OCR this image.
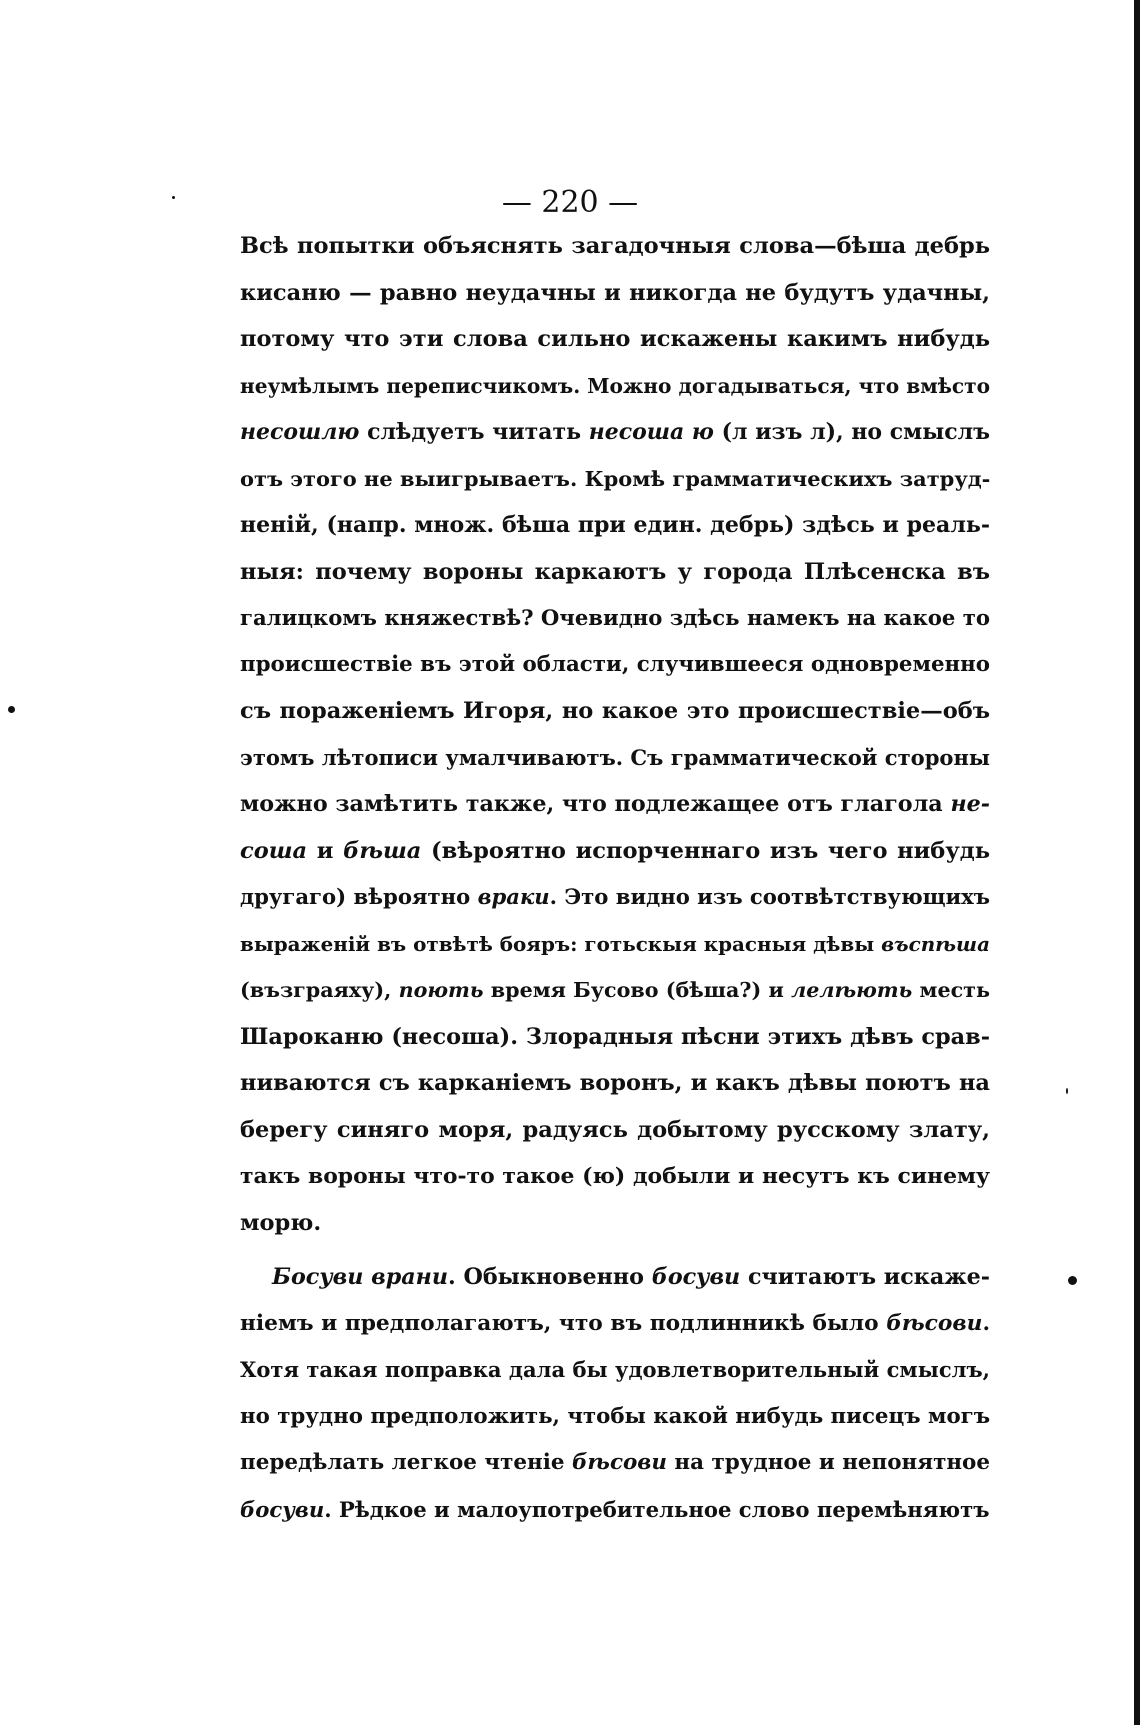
— 220 —
Всѣ попытки объяснять загадочныя слова—бѣша дебрь
кисаню — равно неудачны и никогда не будутъ удачны,
потому что эти слова сильно искажены какимъ нибудь
неумѣлымъ переписчикомъ. Можно догадываться, что вмѣсто
несошлю слѣдуетъ читать несоша ю (л изъ л), но смыслъ
отъ этого не выигрываетъ. Кромѣ грамматическихъ затруд-
неній, (напр. множ. бѣша при един. дебрь) здѣсь и реаль-
ныя: почему вороны каркаютъ у города Плѣсенска въ
галицкомъ княжествѣ? Очевидно здѣсь намекъ на какое то
происшествіе въ этой области, случившееся одновременно
съ пораженіемъ Игоря, но какое это происшествіе—объ
этомъ лѣтописи умалчиваютъ. Съ грамматической стороны
можно замѣтить также, что подлежащее отъ глагола не-
соша и бѣша (вѣроятно испорченнаго изъ чего нибудь
другаго) вѣроятно враки. Это видно изъ соотвѣтствующихъ
выраженій въ отвѣтѣ бояръ: готьскыя красныя дѣвы въспѣша
(възграяху), поють время Бусово (бѣша?) и лелѣють месть
Шароканю (несоша). Злорадныя пѣсни этихъ дѣвъ срав-
ниваются съ карканіемъ воронъ, и какъ дѣвы поютъ на
берегу синяго моря, радуясь добытому русскому злату,
такъ вороны что-то такое (ю) добыли и несутъ къ синему
морю.
Босуви врани. Обыкновенно босуви считаютъ искаже-
ніемъ и предполагаютъ, что въ подлинникѣ было бѣсови.
Хотя такая поправка дала бы удовлетворительный смыслъ,
но трудно предположить, чтобы какой нибудь писецъ могъ
передѣлать легкое чтеніе бѣсови на трудное и непонятное
босуви. Рѣдкое и малоупотребительное слово перемѣняютъ
